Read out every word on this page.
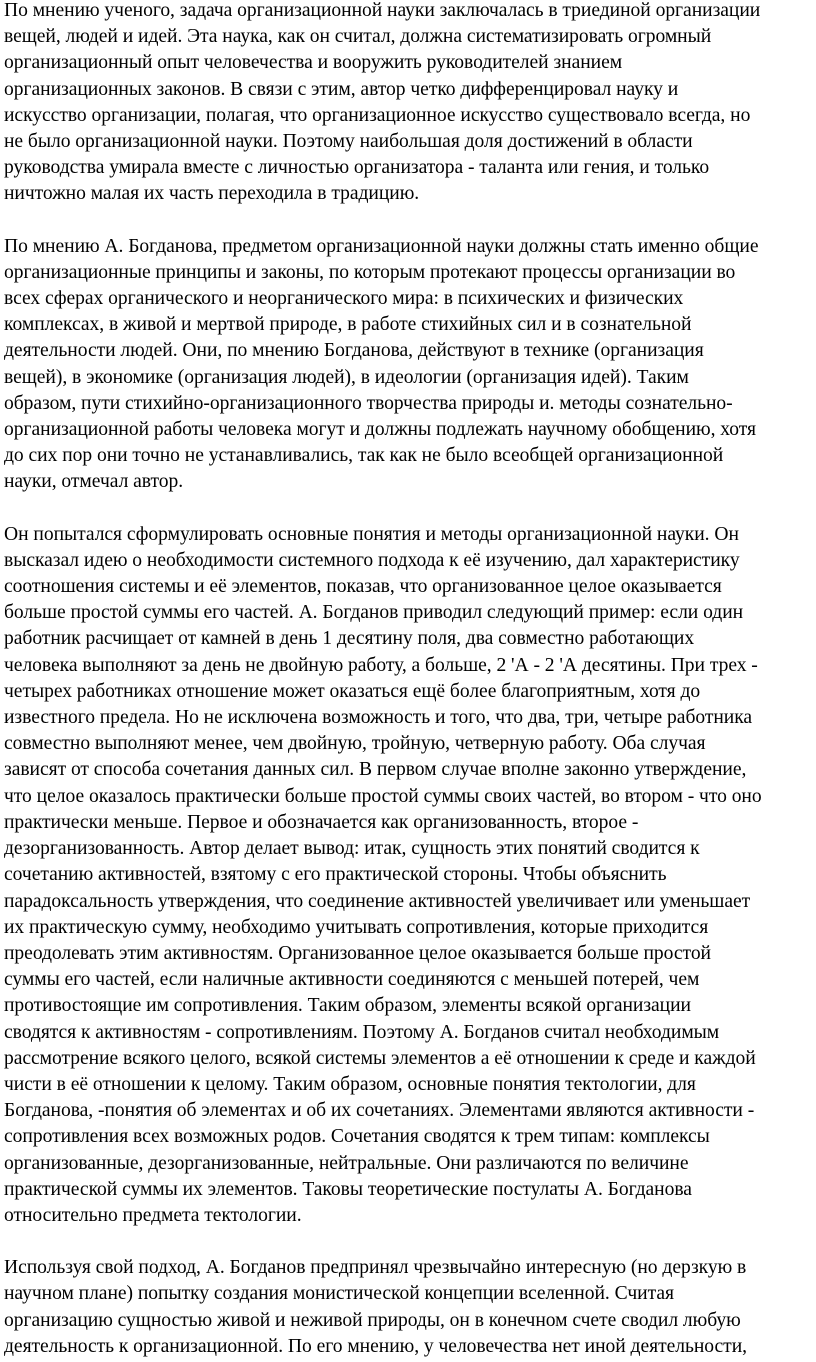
По мнению ученого, задача организационной науки заключалась в триединой организации
вещей, людей и идей. Эта наука, как он считал, должна систематизировать огромный
организационный опыт человечества и вооружить руководителей знанием
организационных законов. В связи с этим, автор четко дифференцировал науку и
искусство организации, полагая, что организационное искусство существовало всегда, но
не было организационной науки. Поэтому наибольшая доля достижений в области
руководства умирала вместе с личностью организатора - таланта или гения, и только
ничтожно малая их часть переходила в традицию.

По мнению А. Богданова, предметом организационной науки должны стать именно общие
организационные принципы и законы, по которым протекают процессы организации во
всех сферах органического и неорганического мира: в психических и физических
комплексах, в живой и мертвой природе, в работе стихийных сил и в сознательной
деятельности людей. Они, по мнению Богданова, действуют в технике (организация
вещей), в экономике (организация людей), в идеологии (организация идей). Таким
образом, пути стихийно-организационного творчества природы и. методы сознательно-
организационной работы человека могут и должны подлежать научному обобщению, хотя
до сих пор они точно не устанавливались, так как не было всеобщей организационной
науки, отмечал автор.

Он попытался сформулировать основные понятия и методы организационной науки. Он
высказал идею о необходимости системного подхода к её изучению, дал характеристику
соотношения системы и её элементов, показав, что организованное целое оказывается
больше простой суммы его частей. А. Богданов приводил следующий пример: если один
работник расчищает от камней в день 1 десятину поля, два совместно работающих
человека выполняют за день не двойную работу, а больше, 2 'А - 2 'А десятины. При трех -
четырех работниках отношение может оказаться ещё более благоприятным, хотя до
известного предела. Но не исключена возможность и того, что два, три, четыре работника
совместно выполняют менее, чем двойную, тройную, четверную работу. Оба случая
зависят от способа сочетания данных сил. В первом случае вполне законно утверждение,
что целое оказалось практически больше простой суммы своих частей, во втором - что оно
практически меньше. Первое и обозначается как организованность, второе -
дезорганизованность. Автор делает вывод: итак, сущность этих понятий сводится к
сочетанию активностей, взятому с его практической стороны. Чтобы объяснить
парадоксальность утверждения, что соединение активностей увеличивает или уменьшает
их практическую сумму, необходимо учитывать сопротивления, которые приходится
преодолевать этим активностям. Организованное целое оказывается больше простой
суммы его частей, если наличные активности соединяются с меньшей потерей, чем
противостоящие им сопротивления. Таким образом, элементы всякой организации
сводятся к активностям - сопротивлениям. Поэтому А. Богданов считал необходимым
рассмотрение всякого целого, всякой системы элементов а её отношении к среде и каждой
чисти в её отношении к целому. Таким образом, основные понятия тектологии, для
Богданова, -понятия об элементах и об их сочетаниях. Элементами являются активности -
сопротивления всех возможных родов. Сочетания сводятся к трем типам: комплексы
организованные, дезорганизованные, нейтральные. Они различаются по величине
практической суммы их элементов. Таковы теоретические постулаты А. Богданова
относительно предмета тектологии.

Используя свой подход, А. Богданов предпринял чрезвычайно интересную (но дерзкую в
научном плане) попытку создания монистической концепции вселенной. Считая
организацию сущностью живой и неживой природы, он в конечном счете сводил любую
деятельность к организационной. По его мнению, у человечества нет иной деятельности,
